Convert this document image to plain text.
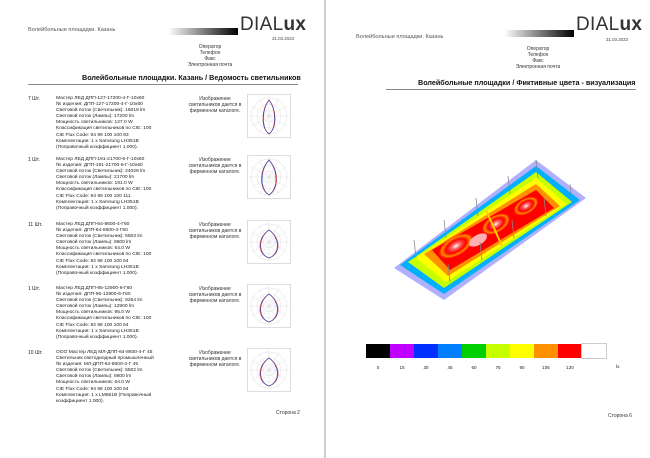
Волейбольные площадки. Казань	DIALux
31.03.2023
Оператор
Телефон
Факс
Электронная почта
Волейбольные площадки. Казань / Ведомость светильников
7 Шт.	Мастер ЛЕД ДПП-127-17200-4-Г-10х60
№ изделия: ДПП-127-17200-4-Г-10х60
Световой поток (Светильник): 16019 lm
Световой поток (Лампы): 17200 lm
Мощность светильников: 127.0 W
Классификация светильников по CIE: 100
CIE Flux Code: 94 99 100 100 93
Комплектация: 1 x Samsung LH351B
(Поправочный коэффициент 1.000).
Изображение
светильников дается в
фирменном каталоге.
1 Шт.	Мастер ЛЕД ДПП-191-21700-6-Г-10х60
№ изделия: ДПП-191-21700-6-Г-10х60
Световой поток (Светильник): 24029 lm
Световой поток (Лампы): 21700 lm
Мощность светильников: 191.0 W
Классификация светильников по CIE: 100
CIE Flux Code: 94 99 100 100 111
Комплектация: 1 x Samsung LH351B
(Поправочный коэффициент 1.000).
Изображение
светильников дается в
фирменном каталоге.
11 Шт.	Мастер ЛЕД ДПП-64-8600-4-Г60
№ изделия: ДПП-64-8600-4-Г60
Световой поток (Светильник): 5503 lm
Световой поток (Лампы): 8600 lm
Мощность светильников: 64.0 W
Классификация светильников по CIE: 100
CIE Flux Code: 92 98 100 100 64
Комплектация: 1 x Samsung LH351B
(Поправочный коэффициент 1.000).
Изображение
светильников дается в
фирменном каталоге.
1 Шт.	Мастер ЛЕД ДПП-95-12900-6-Г60
№ изделия: ДПП-95-12900-6-Г60
Световой поток (Светильник): 8254 lm
Световой поток (Лампы): 12900 lm
Мощность светильников: 95.0 W
Классификация светильников по CIE: 100
CIE Flux Code: 92 98 100 100 64
Комплектация: 1 x Samsung LH351B
(Поправочный коэффициент 1.000).
Изображение
светильников дается в
фирменном каталоге.
10 Шт.	ООО Мастер ЛЕД МЛ-ДПП-64-8600-4-Г 45
Светильник светодиодный промышленный
№ изделия: МЛ-ДПП-64-8600-4-Г 45
Световой поток (Светильник): 5502 lm
Световой поток (Лампы): 8600 lm
Мощность светильников: 64.0 W
CIE Flux Code: 94 98 100 100 64
Комплектация: 1 x LM561B (Поправочный
коэффициент 1.000).
Изображение
светильников дается в
фирменном каталоге.
Сторона 2
Волейбольные площадки. Казань
DIALux
31.03.2023
Оператор
Телефон
Факс
Электронная почта
Волейбольные площадки / Фиктивные цвета - визуализация
0	15	30	45	60	75	90	105	120	lx
Сторона 6
